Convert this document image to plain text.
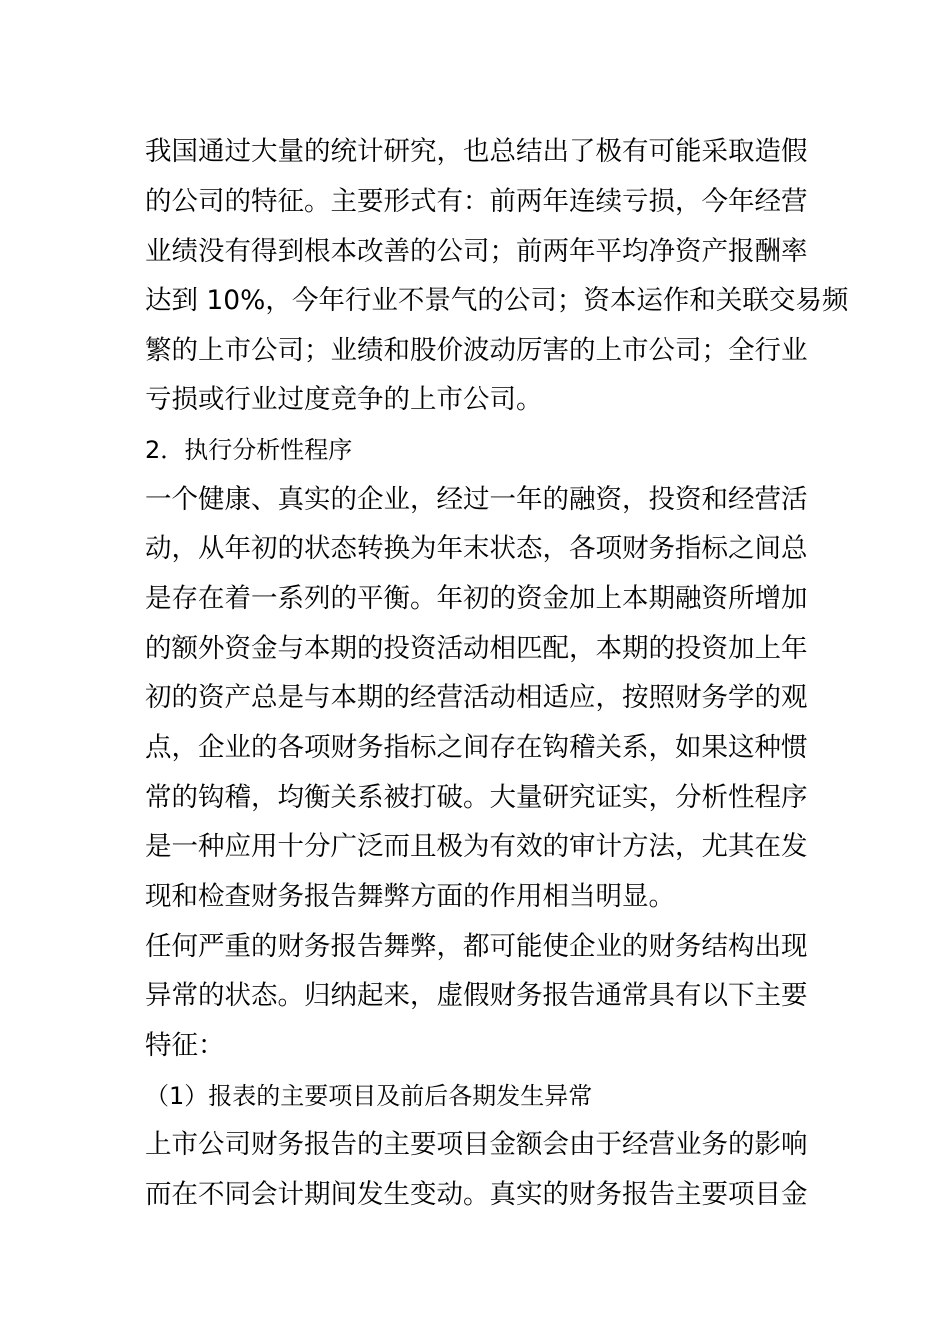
我国通过大量的统计研究，也总结出了极有可能采取造假
的公司的特征。主要形式有：前两年连续亏损，今年经营
业绩没有得到根本改善的公司；前两年平均净资产报酬率
达到 10%，今年行业不景气的公司；资本运作和关联交易频
繁的上市公司；业绩和股价波动厉害的上市公司；全行业
亏损或行业过度竞争的上市公司。
2．执行分析性程序
一个健康、真实的企业，经过一年的融资，投资和经营活
动，从年初的状态转换为年末状态，各项财务指标之间总
是存在着一系列的平衡。年初的资金加上本期融资所增加
的额外资金与本期的投资活动相匹配，本期的投资加上年
初的资产总是与本期的经营活动相适应，按照财务学的观
点，企业的各项财务指标之间存在钩稽关系，如果这种惯
常的钩稽，均衡关系被打破。大量研究证实，分析性程序
是一种应用十分广泛而且极为有效的审计方法，尤其在发
现和检查财务报告舞弊方面的作用相当明显。
任何严重的财务报告舞弊，都可能使企业的财务结构出现
异常的状态。归纳起来，虚假财务报告通常具有以下主要
特征：
（1）报表的主要项目及前后各期发生异常
上市公司财务报告的主要项目金额会由于经营业务的影响
而在不同会计期间发生变动。真实的财务报告主要项目金
